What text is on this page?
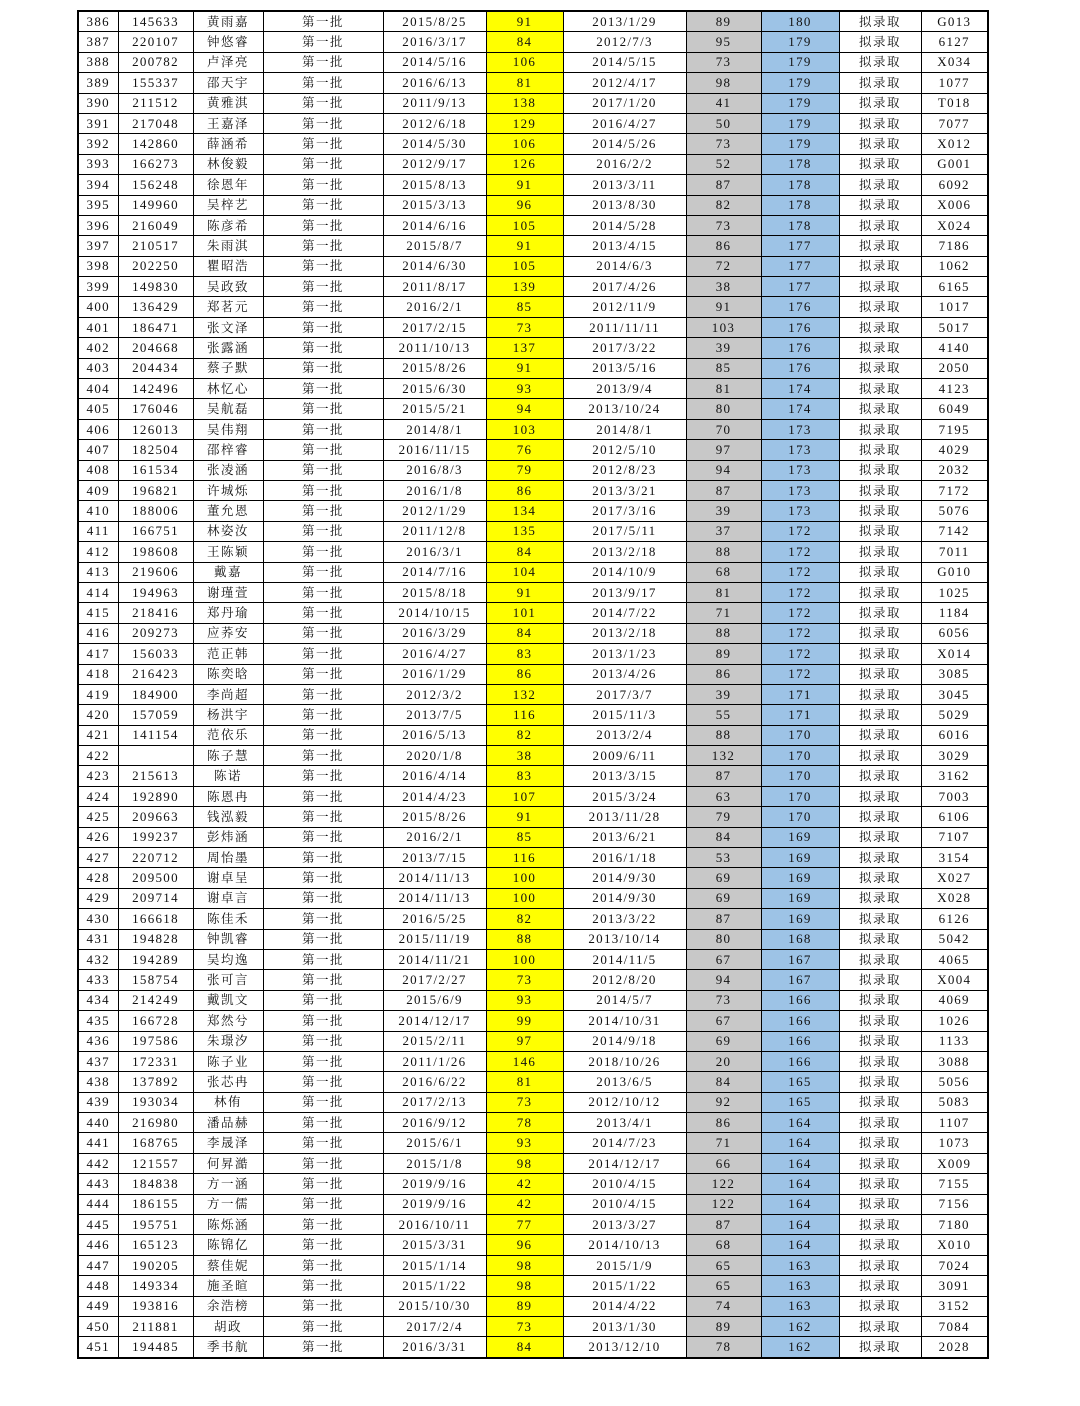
386	145633	黄雨嘉	第一批	2015/8/25	91	2013/1/29	89	180	拟录取	G013
387	220107	钟悠睿	第一批	2016/3/17	84	2012/7/3	95	179	拟录取	6127
388	200782	卢泽亮	第一批	2014/5/16	106	2014/5/15	73	179	拟录取	X034
389	155337	邵天宇	第一批	2016/6/13	81	2012/4/17	98	179	拟录取	1077
390	211512	黄雅淇	第一批	2011/9/13	138	2017/1/20	41	179	拟录取	T018
391	217048	王嘉泽	第一批	2012/6/18	129	2016/4/27	50	179	拟录取	7077
392	142860	薛涵希	第一批	2014/5/30	106	2014/5/26	73	179	拟录取	X012
393	166273	林俊毅	第一批	2012/9/17	126	2016/2/2	52	178	拟录取	G001
394	156248	徐恩年	第一批	2015/8/13	91	2013/3/11	87	178	拟录取	6092
395	149960	吴梓艺	第一批	2015/3/13	96	2013/8/30	82	178	拟录取	X006
396	216049	陈彦希	第一批	2014/6/16	105	2014/5/28	73	178	拟录取	X024
397	210517	朱雨淇	第一批	2015/8/7	91	2013/4/15	86	177	拟录取	7186
398	202250	瞿昭浩	第一批	2014/6/30	105	2014/6/3	72	177	拟录取	1062
399	149830	吴政致	第一批	2011/8/17	139	2017/4/26	38	177	拟录取	6165
400	136429	郑茗元	第一批	2016/2/1	85	2012/11/9	91	176	拟录取	1017
401	186471	张文泽	第一批	2017/2/15	73	2011/11/11	103	176	拟录取	5017
402	204668	张露涵	第一批	2011/10/13	137	2017/3/22	39	176	拟录取	4140
403	204434	蔡子默	第一批	2015/8/26	91	2013/5/16	85	176	拟录取	2050
404	142496	林忆心	第一批	2015/6/30	93	2013/9/4	81	174	拟录取	4123
405	176046	吴航磊	第一批	2015/5/21	94	2013/10/24	80	174	拟录取	6049
406	126013	吴伟翔	第一批	2014/8/1	103	2014/8/1	70	173	拟录取	7195
407	182504	邵梓睿	第一批	2016/11/15	76	2012/5/10	97	173	拟录取	4029
408	161534	张凌涵	第一批	2016/8/3	79	2012/8/23	94	173	拟录取	2032
409	196821	许城烁	第一批	2016/1/8	86	2013/3/21	87	173	拟录取	7172
410	188006	董允恩	第一批	2012/1/29	134	2017/3/16	39	173	拟录取	5076
411	166751	林姿汝	第一批	2011/12/8	135	2017/5/11	37	172	拟录取	7142
412	198608	王陈颖	第一批	2016/3/1	84	2013/2/18	88	172	拟录取	7011
413	219606	戴嘉	第一批	2014/7/16	104	2014/10/9	68	172	拟录取	G010
414	194963	谢瑾萱	第一批	2015/8/18	91	2013/9/17	81	172	拟录取	1025
415	218416	郑丹瑜	第一批	2014/10/15	101	2014/7/22	71	172	拟录取	1184
416	209273	应荞安	第一批	2016/3/29	84	2013/2/18	88	172	拟录取	6056
417	156033	范正韩	第一批	2016/4/27	83	2013/1/23	89	172	拟录取	X014
418	216423	陈奕晗	第一批	2016/1/29	86	2013/4/26	86	172	拟录取	3085
419	184900	李尚超	第一批	2012/3/2	132	2017/3/7	39	171	拟录取	3045
420	157059	杨洪宇	第一批	2013/7/5	116	2015/11/3	55	171	拟录取	5029
421	141154	范依乐	第一批	2016/5/13	82	2013/2/4	88	170	拟录取	6016
422		陈子慧	第一批	2020/1/8	38	2009/6/11	132	170	拟录取	3029
423	215613	陈诺	第一批	2016/4/14	83	2013/3/15	87	170	拟录取	3162
424	192890	陈恩冉	第一批	2014/4/23	107	2015/3/24	63	170	拟录取	7003
425	209663	钱泓毅	第一批	2015/8/26	91	2013/11/28	79	170	拟录取	6106
426	199237	彭炜涵	第一批	2016/2/1	85	2013/6/21	84	169	拟录取	7107
427	220712	周怡墨	第一批	2013/7/15	116	2016/1/18	53	169	拟录取	3154
428	209500	谢卓呈	第一批	2014/11/13	100	2014/9/30	69	169	拟录取	X027
429	209714	谢卓言	第一批	2014/11/13	100	2014/9/30	69	169	拟录取	X028
430	166618	陈佳禾	第一批	2016/5/25	82	2013/3/22	87	169	拟录取	6126
431	194828	钟凯睿	第一批	2015/11/19	88	2013/10/14	80	168	拟录取	5042
432	194289	吴均逸	第一批	2014/11/21	100	2014/11/5	67	167	拟录取	4065
433	158754	张可言	第一批	2017/2/27	73	2012/8/20	94	167	拟录取	X004
434	214249	戴凯文	第一批	2015/6/9	93	2014/5/7	73	166	拟录取	4069
435	166728	郑然兮	第一批	2014/12/17	99	2014/10/31	67	166	拟录取	1026
436	197586	朱璟汐	第一批	2015/2/11	97	2014/9/18	69	166	拟录取	1133
437	172331	陈子业	第一批	2011/1/26	146	2018/10/26	20	166	拟录取	3088
438	137892	张芯冉	第一批	2016/6/22	81	2013/6/5	84	165	拟录取	5056
439	193034	林侑	第一批	2017/2/13	73	2012/10/12	92	165	拟录取	5083
440	216980	潘品赫	第一批	2016/9/12	78	2013/4/1	86	164	拟录取	1107
441	168765	李晟泽	第一批	2015/6/1	93	2014/7/23	71	164	拟录取	1073
442	121557	何昇澔	第一批	2015/1/8	98	2014/12/17	66	164	拟录取	X009
443	184838	方一涵	第一批	2019/9/16	42	2010/4/15	122	164	拟录取	7155
444	186155	方一儒	第一批	2019/9/16	42	2010/4/15	122	164	拟录取	7156
445	195751	陈烁涵	第一批	2016/10/11	77	2013/3/27	87	164	拟录取	7180
446	165123	陈锦亿	第一批	2015/3/31	96	2014/10/13	68	164	拟录取	X010
447	190205	蔡佳妮	第一批	2015/1/14	98	2015/1/9	65	163	拟录取	7024
448	149334	施圣暄	第一批	2015/1/22	98	2015/1/22	65	163	拟录取	3091
449	193816	余浩榜	第一批	2015/10/30	89	2014/4/22	74	163	拟录取	3152
450	211881	胡政	第一批	2017/2/4	73	2013/1/30	89	162	拟录取	7084
451	194485	季书航	第一批	2016/3/31	84	2013/12/10	78	162	拟录取	2028
